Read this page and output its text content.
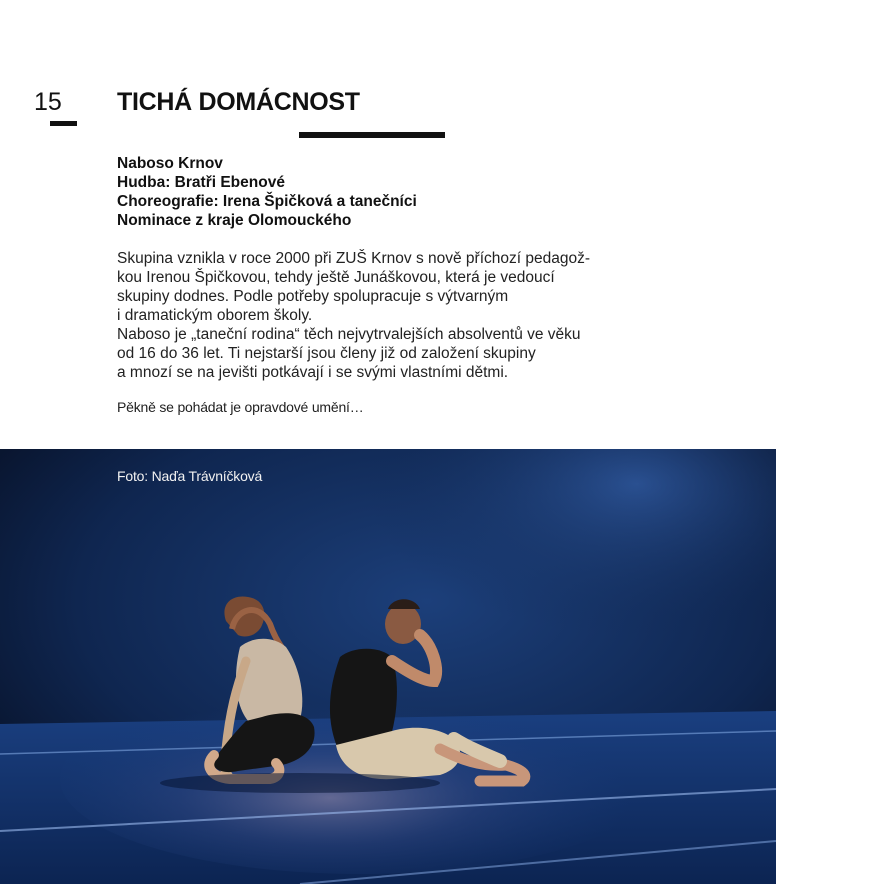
15 TICHÁ DOMÁCNOST
Naboso Krnov
Hudba: Bratři Ebenové
Choreografie: Irena Špičková a tanečníci
Nominace z kraje Olomouckého
Skupina vznikla v roce 2000 při ZUŠ Krnov s nově příchozí pedagož-
kou Irenou Špičkovou, tehdy ještě Junáškovou, která je vedoucí
skupiny dodnes. Podle potřeby spolupracuje s výtvarným
i dramatickým oborem školy.
Naboso je „taneční rodina“ těch nejvytrvalejších absolventů ve věku
od 16 do 36 let. Ti nejstarší jsou členy již od založení skupiny
a mnozí se na jevišti potkávají i se svými vlastními dětmi.
Pěkně se pohádat je opravdové umění…
Foto: Naďa Trávníčková
